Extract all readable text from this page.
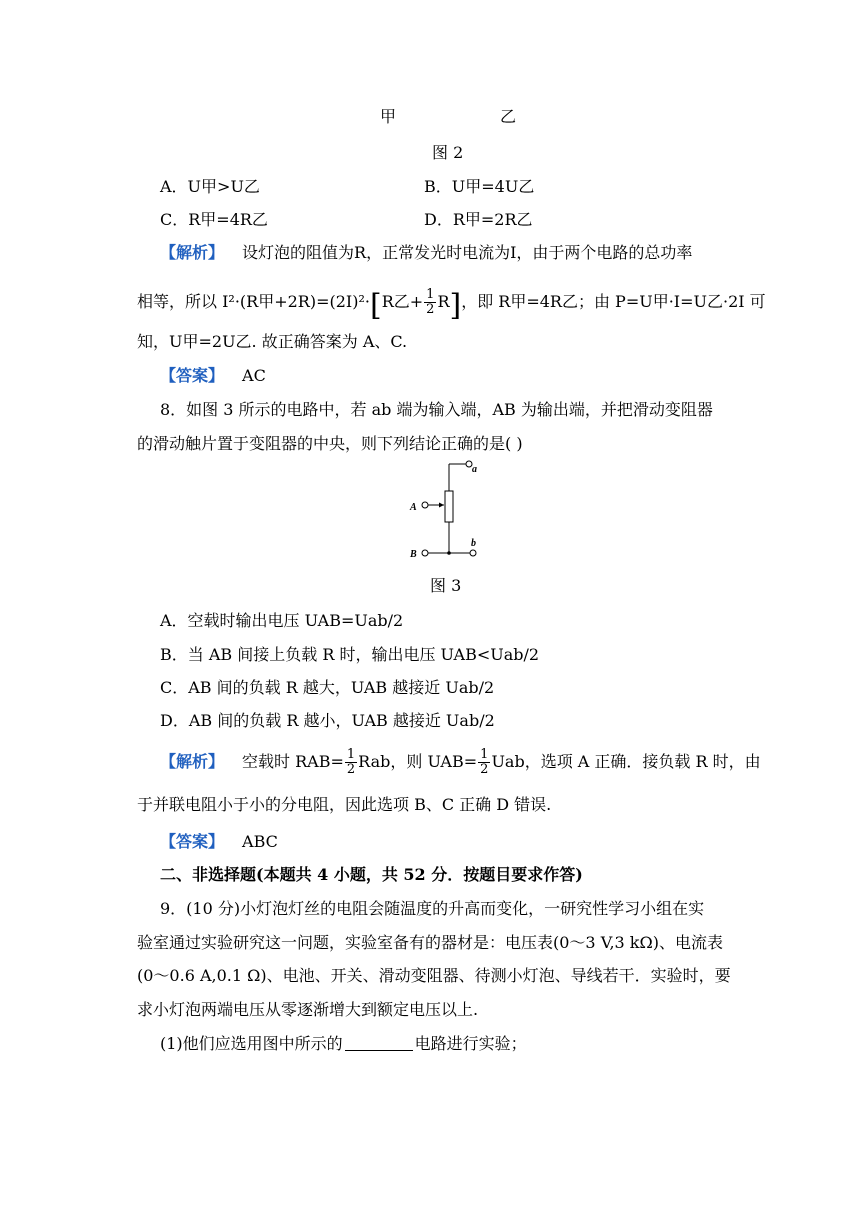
甲	乙
图 2
A．U甲>U乙	B．U甲=4U乙
C．R甲=4R乙	D．R甲=2R乙
【解析】 设灯泡的阻值为R，正常发光时电流为I，由于两个电路的总功率
相等，所以 I²·(R甲+2R)=(2I)²·[R乙+ $\frac{1}{2} R$]，即 R甲=4R乙；由 P=U甲·I=U乙·2I 可
知，U甲=2U乙. 故正确答案为 A、C.
【答案】 AC
8．如图 3 所示的电路中，若 ab 端为输入端，AB 为输出端，并把滑动变阻器
的滑动触片置于变阻器的中央，则下列结论正确的是( )
a
A
B
b
图 3
A．空载时输出电压 UAB=Uab/2
B．当 AB 间接上负载 R 时，输出电压 UAB<Uab/2
C．AB 间的负载 R 越大，UAB 越接近 Uab/2
D．AB 间的负载 R 越小，UAB 越接近 Uab/2
【解析】 空载时 $RAB= \frac{1}{2}$ Rab，则 $UAB= \frac{1}{2}$ Uab，选项 A 正确．接负载 R 时，由
于并联电阻小于小的分电阻，因此选项 B、C 正确 D 错误.
【答案】 ABC
二、非选择题(本题共 4 小题，共 52 分．按题目要求作答)
9．(10 分)小灯泡灯丝的电阻会随温度的升高而变化，一研究性学习小组在实
验室通过实验研究这一问题，实验室备有的器材是：电压表(0～3 V,3 kΩ)、电流表
(0～0.6 A,0.1 Ω)、电池、开关、滑动变阻器、待测小灯泡、导线若干．实验时，要
求小灯泡两端电压从零逐渐增大到额定电压以上.
(1)他们应选用图中所示的	电路进行实验；
